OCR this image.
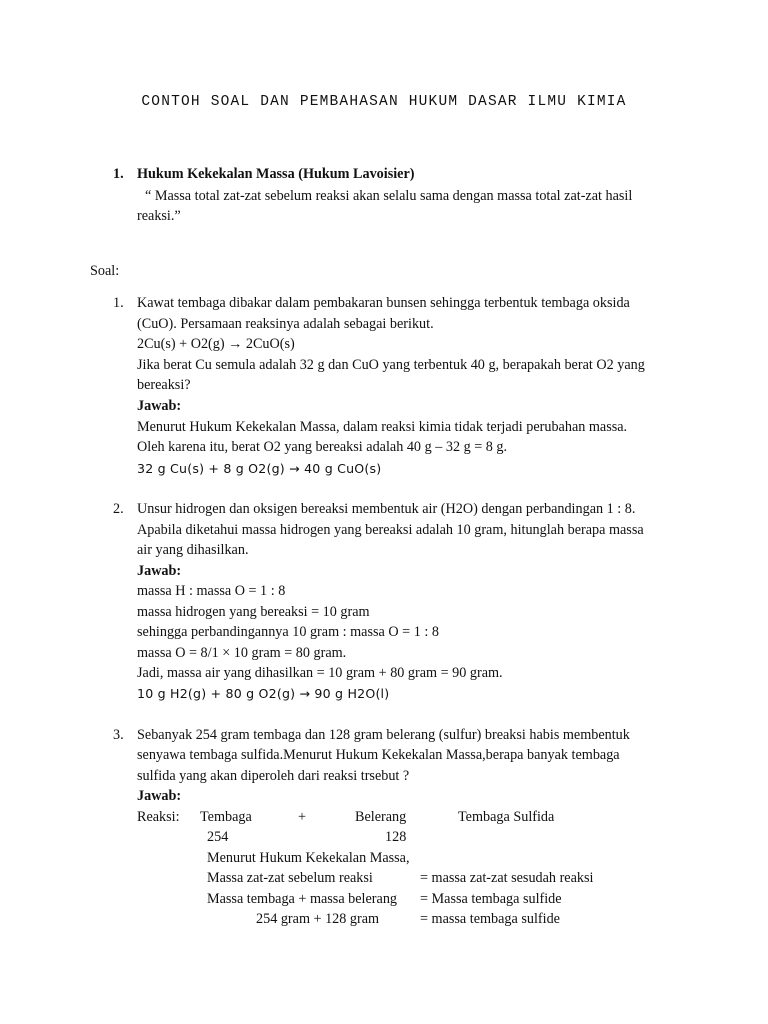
CONTOH SOAL DAN PEMBAHASAN HUKUM DASAR ILMU KIMIA
1. Hukum Kekekalan Massa (Hukum Lavoisier)
“ Massa total zat-zat sebelum reaksi akan selalu sama dengan massa total zat-zat hasil
reaksi.”
Soal:
1. Kawat tembaga dibakar dalam pembakaran bunsen sehingga terbentuk tembaga oksida
(CuO). Persamaan reaksinya adalah sebagai berikut.
2Cu(s) + O2(g) → 2CuO(s)
Jika berat Cu semula adalah 32 g dan CuO yang terbentuk 40 g, berapakah berat O2 yang
bereaksi?
Jawab:
Menurut Hukum Kekekalan Massa, dalam reaksi kimia tidak terjadi perubahan massa.
Oleh karena itu, berat O2 yang bereaksi adalah 40 g – 32 g = 8 g.
32 g Cu(s) + 8 g O2(g) → 40 g CuO(s)
2. Unsur hidrogen dan oksigen bereaksi membentuk air (H2O) dengan perbandingan 1 : 8.
Apabila diketahui massa hidrogen yang bereaksi adalah 10 gram, hitunglah berapa massa
air yang dihasilkan.
Jawab:
massa H : massa O = 1 : 8
massa hidrogen yang bereaksi = 10 gram
sehingga perbandingannya 10 gram : massa O = 1 : 8
massa O = 8/1 × 10 gram = 80 gram.
Jadi, massa air yang dihasilkan = 10 gram + 80 gram = 90 gram.
10 g H2(g) + 80 g O2(g) → 90 g H2O(l)
3. Sebanyak 254 gram tembaga dan 128 gram belerang (sulfur) breaksi habis membentuk
senyawa tembaga sulfida.Menurut Hukum Kekekalan Massa,berapa banyak tembaga
sulfida yang akan diperoleh dari reaksi trsebut ?
Jawab:
Reaksi: Tembaga	+	Belerang	Tembaga Sulfida
254	128
Menurut Hukum Kekekalan Massa,
Massa zat-zat sebelum reaksi	= massa zat-zat sesudah reaksi
Massa tembaga + massa belerang = Massa tembaga sulfide
254 gram + 128 gram	= massa tembaga sulfide
